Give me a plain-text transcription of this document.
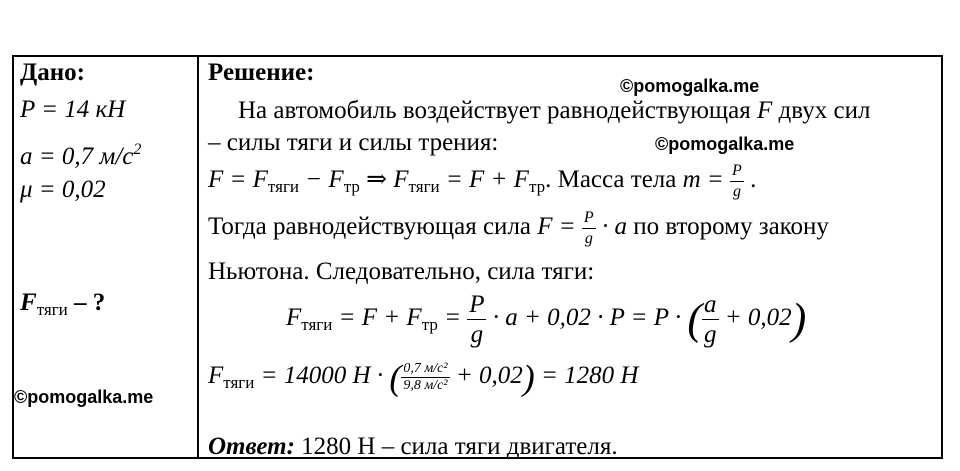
Дано:
P = 14 кН
a = 0,7 $м/с^2$
μ = 0,02
$F_{тяги}$ – ?
Решение:
На автомобиль воздействует равнодействующая F двух сил
– силы тяги и силы трения:
$F = F_{тяги} - F_{тр}$ ⇒ $F_{тяги} = F + F_{тр}$. Масса тела $m = \frac{P}{g}$ .
Тогда равнодействующая сила $F = \frac{P}{g} \cdot a$ по второму закону
Ньютона. Следовательно, сила тяги:
$F_{тяги} = F + F_{тр} = \frac{P}{g} \cdot a + 0,02 \cdot P = P$ · ( $\frac{a}{g} + 0,02$)
$F_{тяги} = 14000$ Н · ( $\frac{\text{0,7 м/с²}}{\text{9,8 м/с²}} + 0,02) = 1280$ Н
Ответ: 1280 Н – сила тяги двигателя.
©pomogalka.me
©pomogalka.me
©pomogalka.me
